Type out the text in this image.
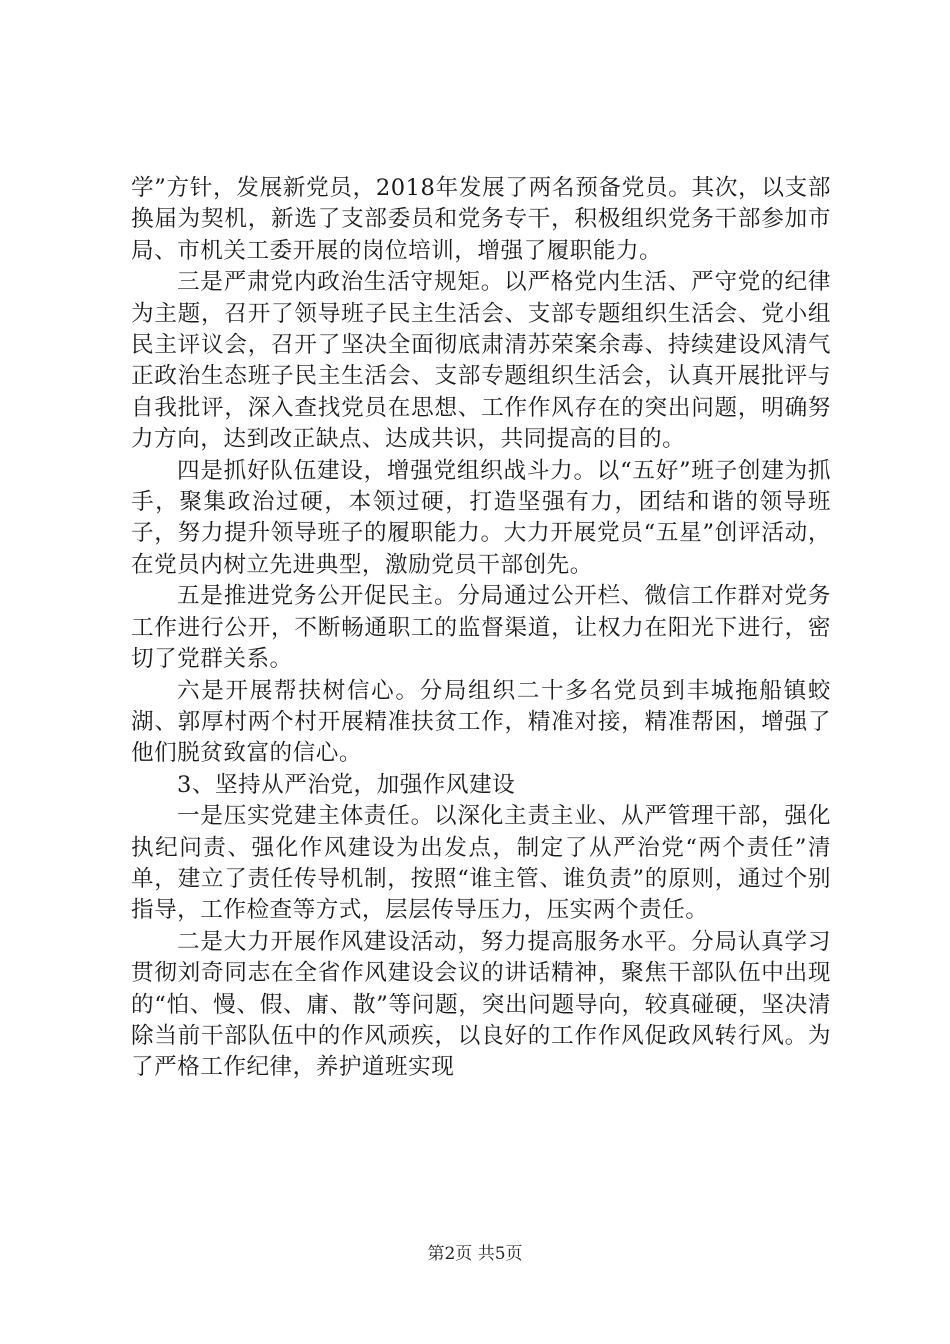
学”方针，发展新党员，2018年发展了两名预备党员。其次，以支部换届为契机，新选了支部委员和党务专干，积极组织党务干部参加市局、市机关工委开展的岗位培训，增强了履职能力。

三是严肃党内政治生活守规矩。以严格党内生活、严守党的纪律为主题，召开了领导班子民主生活会、支部专题组织生活会、党小组民主评议会，召开了坚决全面彻底肃清苏荣案余毒、持续建设风清气正政治生态班子民主生活会、支部专题组织生活会，认真开展批评与自我批评，深入查找党员在思想、工作作风存在的突出问题，明确努力方向，达到改正缺点、达成共识，共同提高的目的。

四是抓好队伍建设，增强党组织战斗力。以“五好”班子创建为抓手，聚集政治过硬，本领过硬，打造坚强有力，团结和谐的领导班子，努力提升领导班子的履职能力。大力开展党员“五星”创评活动，在党员内树立先进典型，激励党员干部创先。

五是推进党务公开促民主。分局通过公开栏、微信工作群对党务工作进行公开，不断畅通职工的监督渠道，让权力在阳光下进行，密切了党群关系。

六是开展帮扶树信心。分局组织二十多名党员到丰城拖船镇蛟湖、郭厚村两个村开展精准扶贫工作，精准对接，精准帮困，增强了他们脱贫致富的信心。

3、坚持从严治党，加强作风建设

一是压实党建主体责任。以深化主责主业、从严管理干部，强化执纪问责、强化作风建设为出发点，制定了从严治党“两个责任”清单，建立了责任传导机制，按照“谁主管、谁负责”的原则，通过个别指导，工作检查等方式，层层传导压力，压实两个责任。

二是大力开展作风建设活动，努力提高服务水平。分局认真学习贯彻刘奇同志在全省作风建设会议的讲话精神，聚焦干部队伍中出现的“怕、慢、假、庸、散”等问题，突出问题导向，较真碰硬，坚决清除当前干部队伍中的作风顽疾，以良好的工作作风促政风转行风。为了严格工作纪律，养护道班实现

第2页 共5页
